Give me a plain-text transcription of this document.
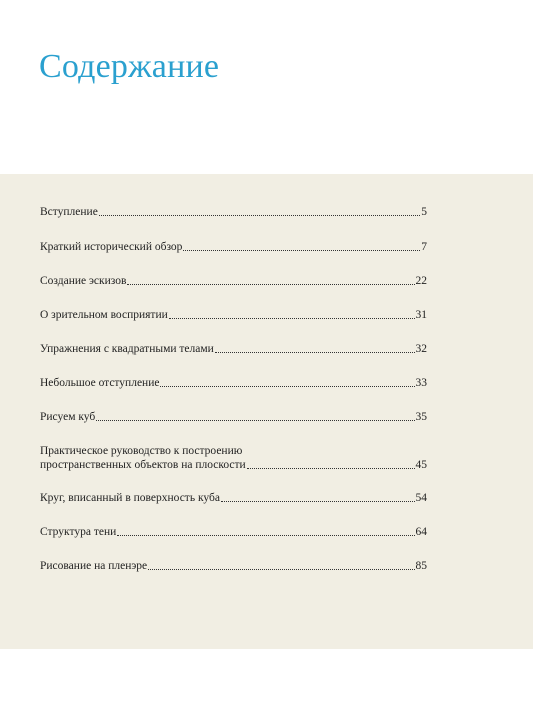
Содержание
Вступление	5
Краткий исторический обзор	7
Создание эскизов	22
О зрительном восприятии	31
Упражнения с квадратными телами	32
Небольшое отступление	33
Рисуем куб	35
Практическое руководство к построению
пространственных объектов на плоскости	45
Круг, вписанный в поверхность куба	54
Структура тени	64
Рисование на пленэре	85
